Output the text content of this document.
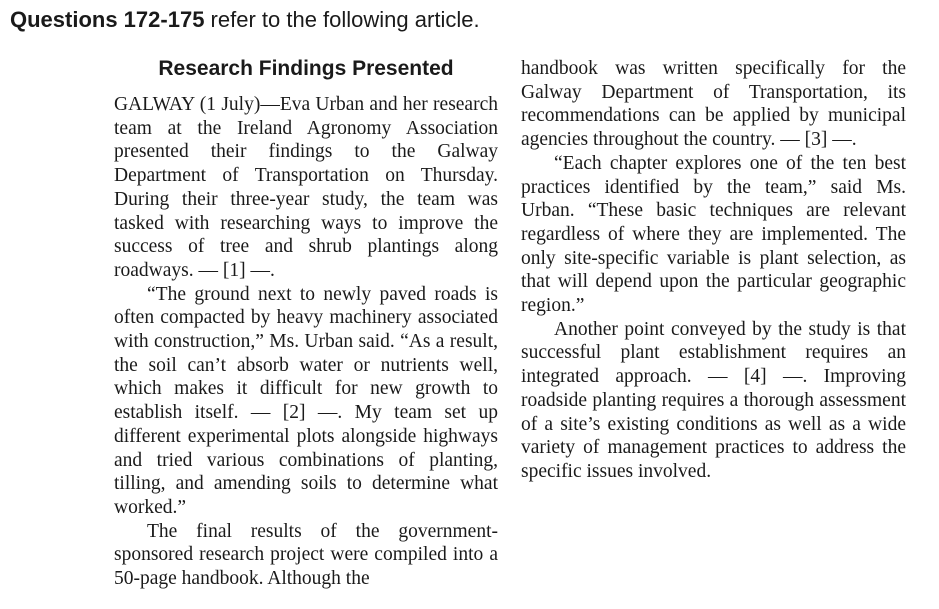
Questions 172-175 refer to the following article.
Research Findings Presented

GALWAY (1 July)—Eva Urban and her research team at the Ireland Agronomy Association presented their findings to the Galway Department of Transportation on Thursday. During their three-year study, the team was tasked with researching ways to improve the success of tree and shrub plantings along roadways. — [1] —.

“The ground next to newly paved roads is often compacted by heavy machinery associated with construction,” Ms. Urban said. “As a result, the soil can’t absorb water or nutrients well, which makes it difficult for new growth to establish itself. — [2] —. My team set up different experimental plots alongside highways and tried various combinations of planting, tilling, and amending soils to determine what worked.”

The final results of the government-sponsored research project were compiled into a 50-page handbook. Although the

handbook was written specifically for the Galway Department of Transportation, its recommendations can be applied by municipal agencies throughout the country. — [3] —.

“Each chapter explores one of the ten best practices identified by the team,” said Ms. Urban. “These basic techniques are relevant regardless of where they are implemented. The only site-specific variable is plant selection, as that will depend upon the particular geographic region.”

Another point conveyed by the study is that successful plant establishment requires an integrated approach. — [4] —. Improving roadside planting requires a thorough assessment of a site’s existing conditions as well as a wide variety of management practices to address the specific issues involved.
